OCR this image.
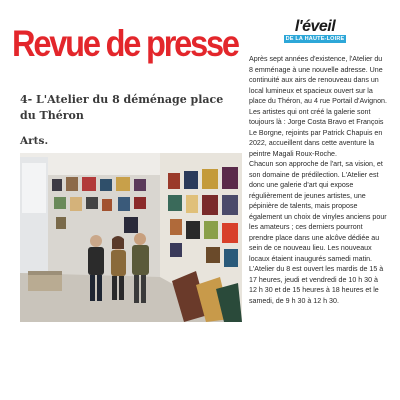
Revue de presse	l'éveil
DE LA HAUTE-LOIRE
4- L'Atelier du 8 déménage place du Théron
Arts.

Après sept années d'existence, l'Atelier du 8 emménage à une nouvelle adresse. Une continuité aux airs de renouveau dans un local lumineux et spacieux ouvert sur la place du Théron, au 4 rue Portail d'Avignon.

Les artistes qui ont créé la galerie sont toujours là : Jorge Costa Bravo et François Le Borgne, rejoints par Patrick Chapuis en 2022, accueillent dans cette aventure la peintre Magali Roux-Roche.

Chacun son approche de l'art, sa vision, et son domaine de prédilection. L'Atelier est donc une galerie d'art qui expose régulièrement de jeunes artistes, une pépinière de talents, mais propose également un choix de vinyles anciens pour les amateurs ; ces derniers pourront prendre place dans une alcôve dédiée au sein de ce nouveau lieu. Les nouveaux locaux étaient inaugurés samedi matin.

L'Atelier du 8 est ouvert les mardis de 15 à 17 heures, jeudi et vendredi de 10 h 30 à 12 h 30 et de 15 heures à 18 heures et le samedi, de 9 h 30 à 12 h 30.
